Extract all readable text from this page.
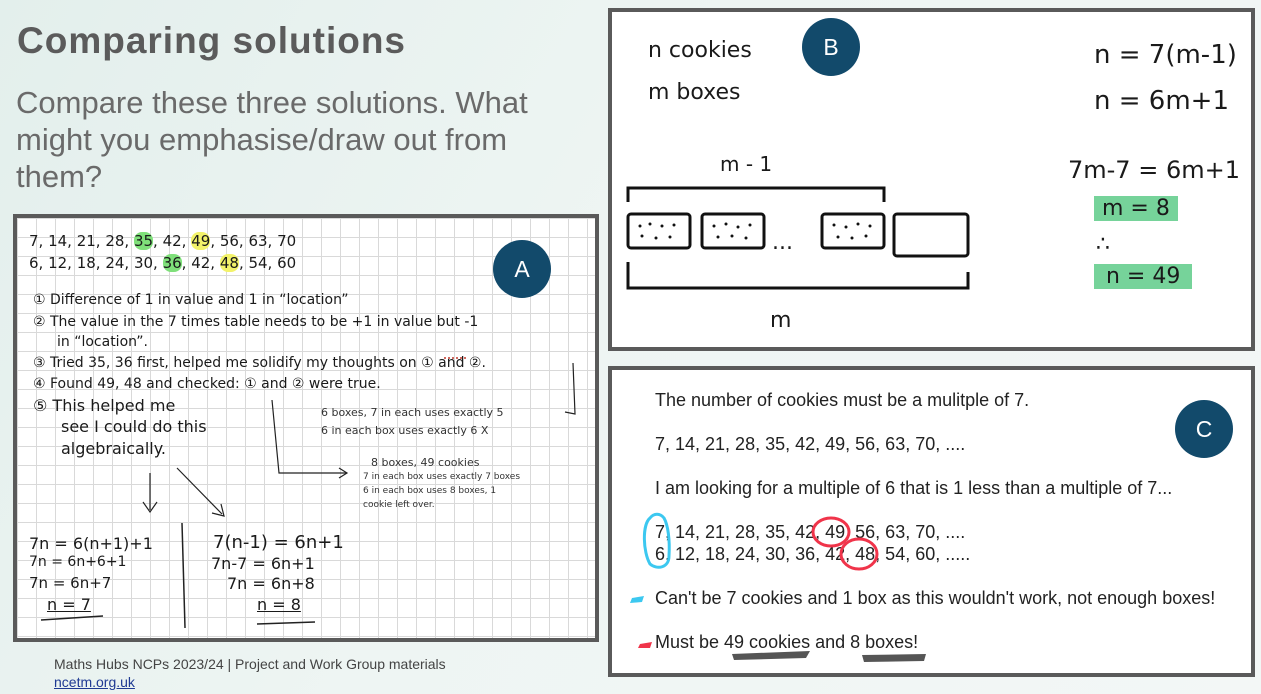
Comparing solutions

Compare these three solutions. What might you emphasise/draw out from them?

7, 14, 21, 28, 35, 42, 49, 56, 63, 70
6, 12, 18, 24, 30, 36, 42, 48, 54, 60	A
① Difference of 1 in value and 1 in “location”
② The value in the 7 times table needs to be +1 in value but -1
in “location”.
③ Tried 35, 36 first, helped me solidify my thoughts on ① and ②.
④ Found 49, 48 and checked: ① and ② were true.
⑤ This helped me
see I could do this
algebraically.
6 boxes, 7 in each uses exactly 5
6 in each box uses exactly 6 X
8 boxes, 49 cookies
7 in each box uses exactly 7 boxes
6 in each box uses 8 boxes, 1
cookie left over.
7n = 6(n+1)+1
7n = 6n+6+1
7n = 6n+7
n = 7
7(n-1) = 6n+1
7n-7 = 6n+1
7n = 6n+8
n = 8
n cookies
m boxes
B
m - 1
m
...
n = 7(m-1)
n = 6m+1
7m-7 = 6m+1
m = 8
∴
n = 49
The number of cookies must be a mulitple of 7.
7, 14, 21, 28, 35, 42, 49, 56, 63, 70, ....
I am looking for a multiple of 6 that is 1 less than a multiple of 7...
7, 14, 21, 28, 35, 42, 49, 56, 63, 70, ....
6, 12, 18, 24, 30, 36, 42, 48, 54, 60, .....
Can't be 7 cookies and 1 box as this wouldn't work, not enough boxes!
Must be 49 cookies and 8 boxes!
C
Maths Hubs NCPs 2023/24 | Project and Work Group materials
ncetm.org.uk
